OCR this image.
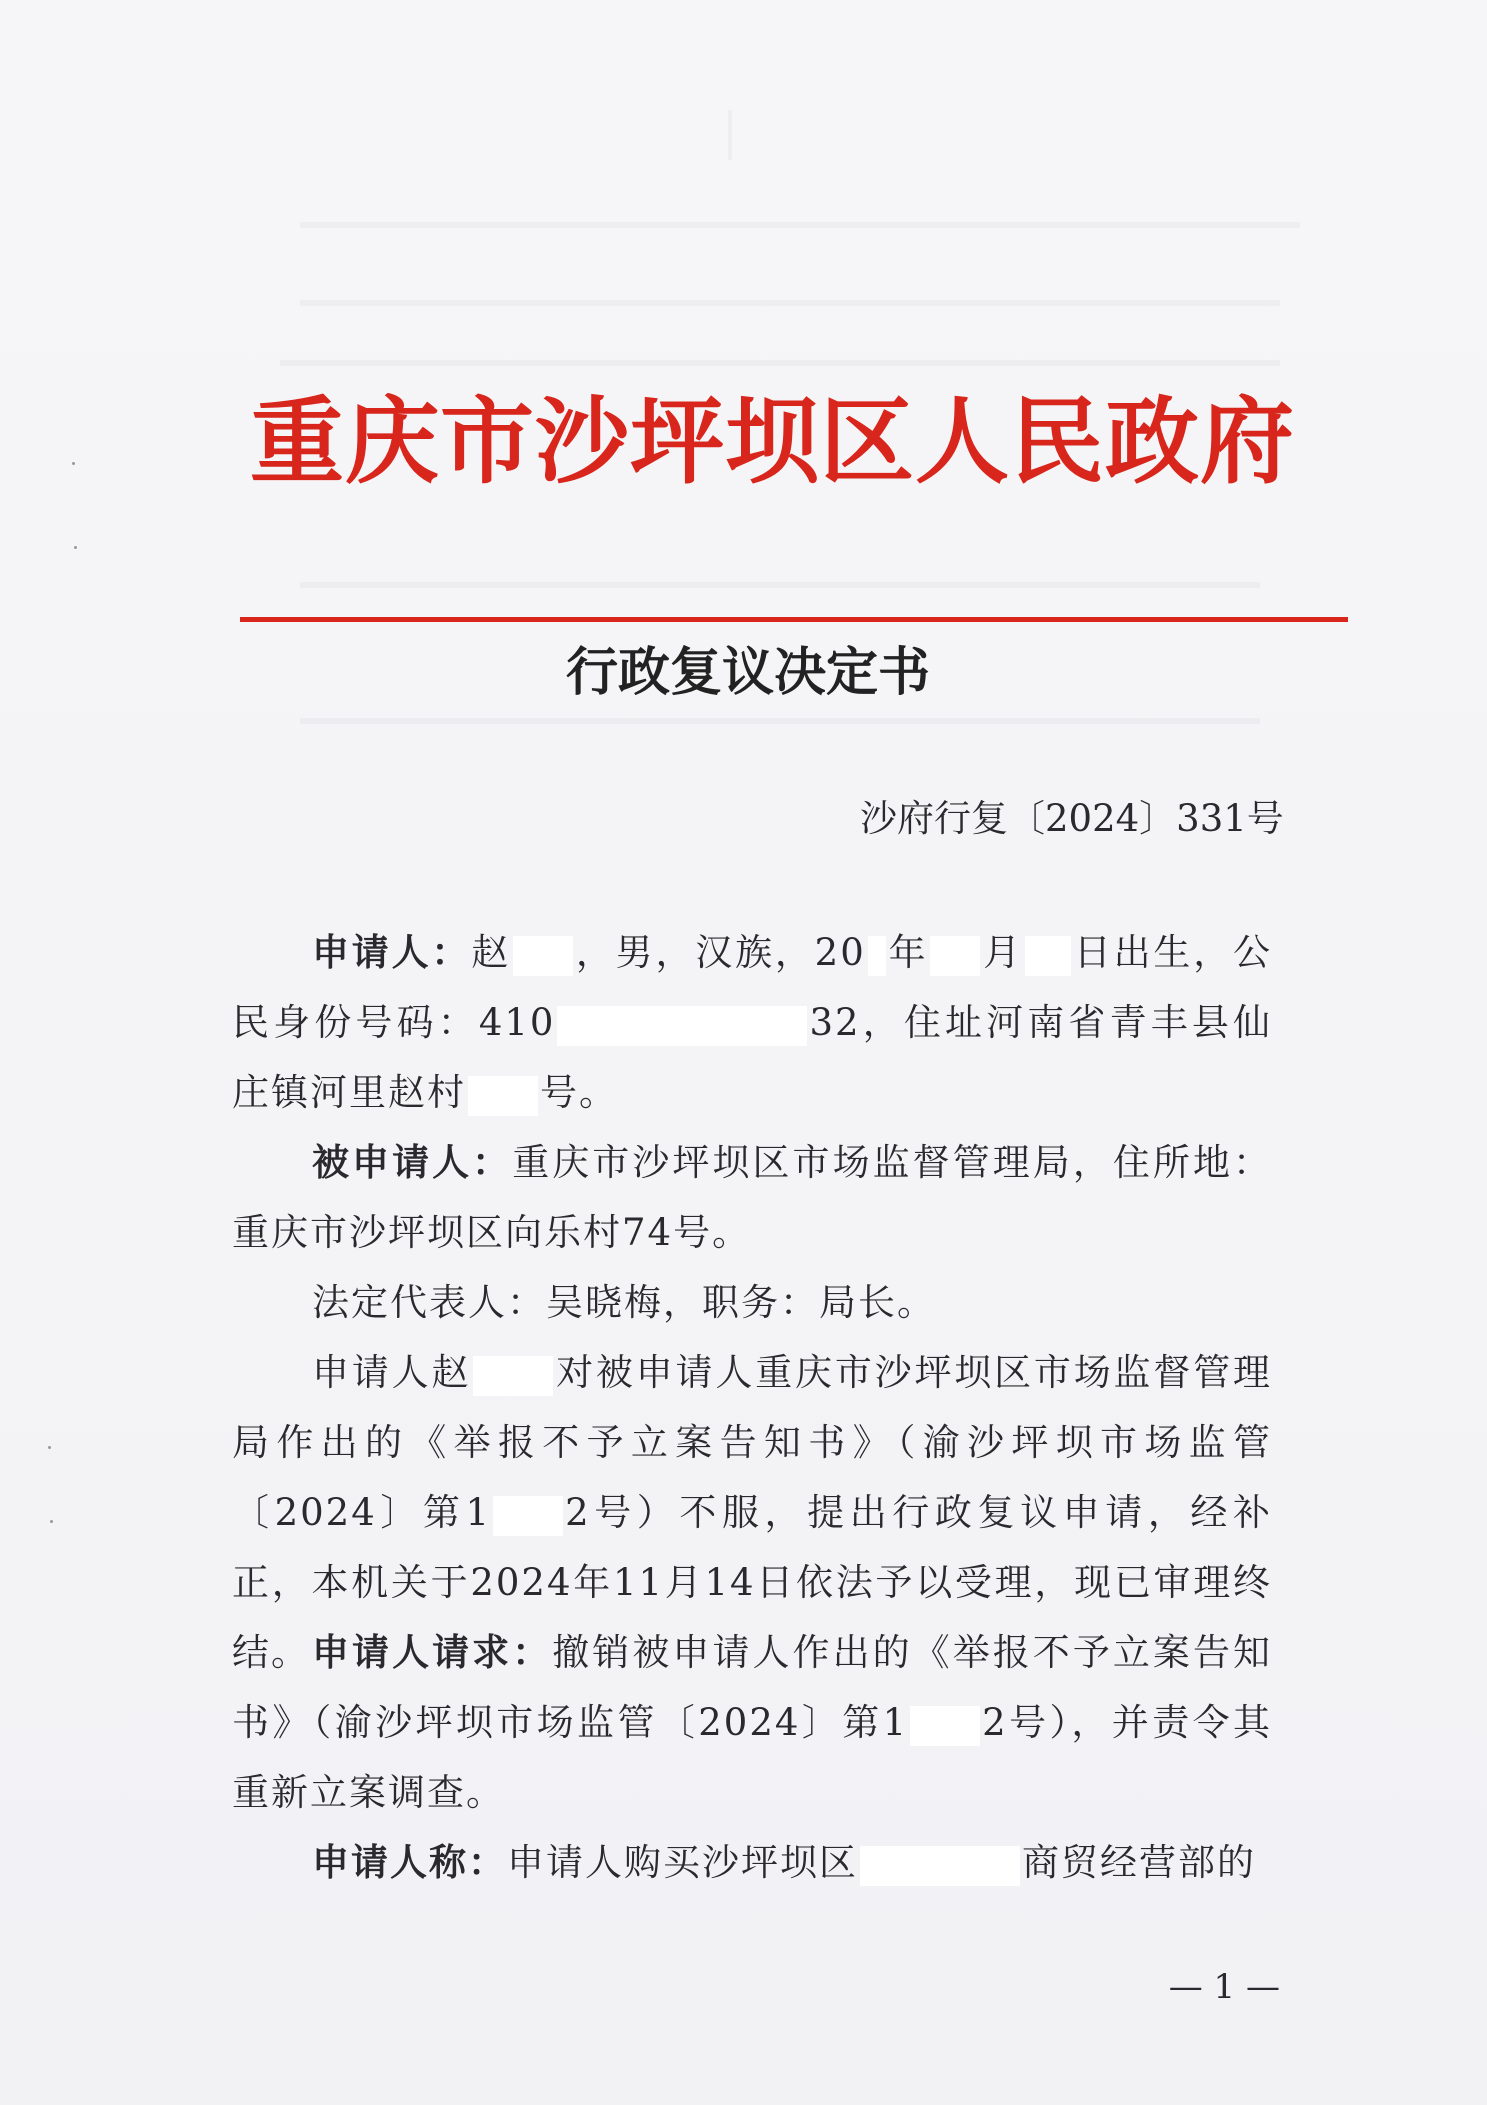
重庆市沙坪坝区人民政府
行政复议决定书
沙府行复〔2024〕331号
申请人：赵 ，男，汉族，20 年 月 日出生，公民身份号码：410	32，住址河南省青丰县仙庄镇河里赵村 号。
被申请人：重庆市沙坪坝区市场监督管理局，住所地：重庆市沙坪坝区向乐村74号。
法定代表人：吴晓梅，职务：局长。
申请人赵 对被申请人重庆市沙坪坝区市场监督管理局作出的《举报不予立案告知书》（渝沙坪坝市场监管〔2024〕第1 2号）不服，提出行政复议申请，经补正，本机关于2024年11月14日依法予以受理，现已审理终结。 申请人请求：撤销被申请人作出的《举报不予立案告知书》（渝沙坪坝市场监管〔2024〕第1 2号），并责令其重新立案调查。
申请人称：申请人购买沙坪坝区	商贸经营部的
— 1 —
